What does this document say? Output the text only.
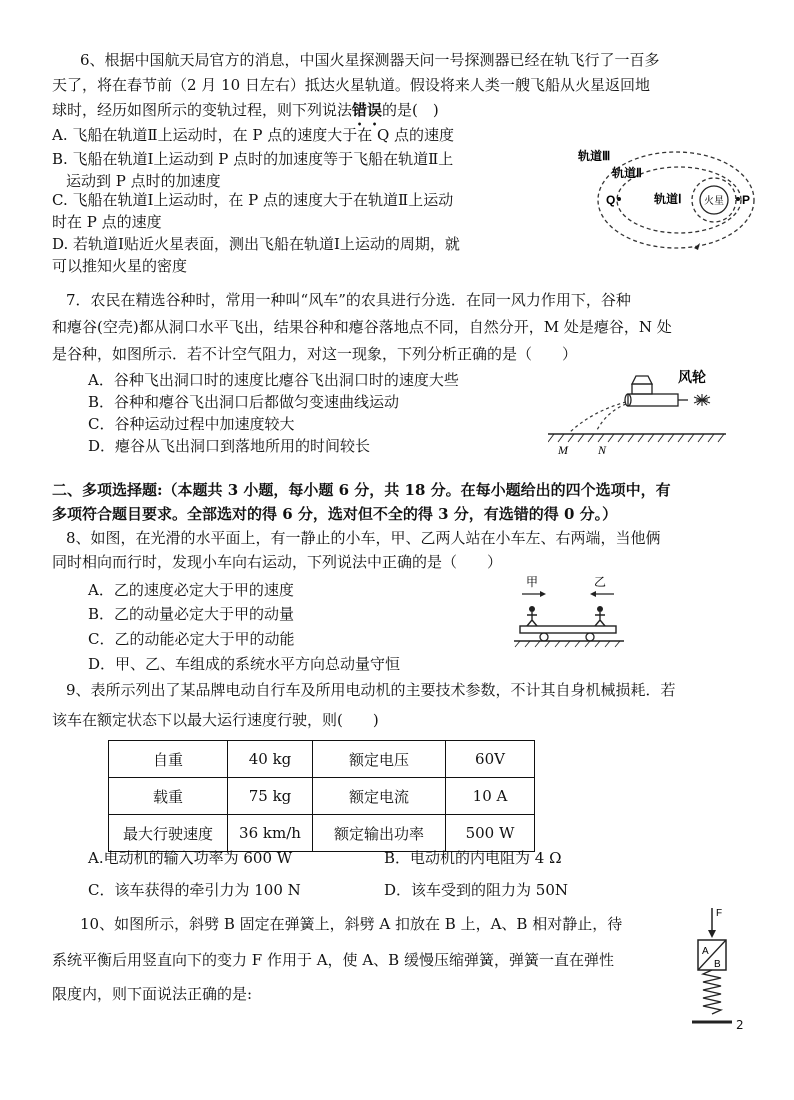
6、根据中国航天局官方的消息，中国火星探测器天问一号探测器已经在轨飞行了一百多
天了，将在春节前（2 月 10 日左右）抵达火星轨道。假设将来人类一艘飞船从火星返回地
球时，经历如图所示的变轨过程，则下列说法错误的是(　)
A. 飞船在轨道Ⅱ上运动时，在 P 点的速度大于在 Q 点的速度
B. 飞船在轨道Ⅰ上运动到 P 点时的加速度等于飞船在轨道Ⅱ上
运动到 P 点时的加速度
C. 飞船在轨道Ⅰ上运动时，在 P 点的速度大于在轨道Ⅱ上运动
时在 P 点的速度
D. 若轨道Ⅰ贴近火星表面，测出飞船在轨道Ⅰ上运动的周期，就
可以推知火星的密度
轨道Ⅲ
轨道Ⅱ
轨道Ⅰ 火星
Q	P
7．农民在精选谷种时，常用一种叫“风车”的农具进行分选．在同一风力作用下，谷种
和瘪谷(空壳)都从洞口水平飞出，结果谷种和瘪谷落地点不同，自然分开，M 处是瘪谷，N 处
是谷种，如图所示．若不计空气阻力，对这一现象，下列分析正确的是（　　）
A．谷种飞出洞口时的速度比瘪谷飞出洞口时的速度大些
B．谷种和瘪谷飞出洞口后都做匀变速曲线运动
C．谷种运动过程中加速度较大
D．瘪谷从飞出洞口到落地所用的时间较长
风轮
M	N
二、多项选择题:（本题共 3 小题，每小题 6 分，共 18 分。在每小题给出的四个选项中，有
多项符合题目要求。全部选对的得 6 分，选对但不全的得 3 分，有选错的得 0 分。）
8、如图，在光滑的水平面上，有一静止的小车，甲、乙两人站在小车左、右两端，当他俩
同时相向而行时，发现小车向右运动，下列说法中正确的是（　　）
A．乙的速度必定大于甲的速度
B．乙的动量必定大于甲的动量
C．乙的动能必定大于甲的动能
D．甲、乙、车组成的系统水平方向总动量守恒
甲	乙
9、表所示列出了某品牌电动自行车及所用电动机的主要技术参数，不计其自身机械损耗．若
该车在额定状态下以最大运行速度行驶，则(　　)
自重	40 kg	额定电压	60V
载重	75 kg	额定电流	10 A
最大行驶速度	36 km/h	额定输出功率	500 W
A.电动机的输入功率为 600 W	B．电动机的内电阻为 4 Ω
C．该车获得的牵引力为 100 N	D．该车受到的阻力为 50N
10、如图所示，斜劈 B 固定在弹簧上，斜劈 A 扣放在 B 上，A、B 相对静止，待
系统平衡后用竖直向下的变力 F 作用于 A，使 A、B 缓慢压缩弹簧，弹簧一直在弹性
限度内，则下面说法正确的是:
F
A
B
2
